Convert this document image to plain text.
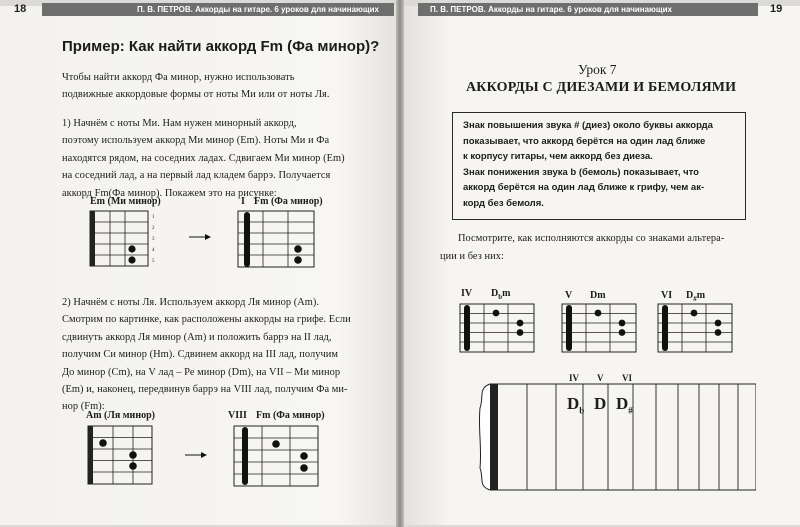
18	П. В. ПЕТРОВ. Аккорды на гитаре. 6 уроков для начинающих
Пример: Как найти аккорд Fm (Фа минор)?
Чтобы найти аккорд Фа минор, нужно использовать
подвижные аккордовые формы от ноты Ми или от ноты Ля.
1) Начнём с ноты Ми. Нам нужен минорный аккорд,
поэтому используем аккорд Ми минор (Em). Ноты Ми и Фа
находятся рядом, на соседних ладах. Сдвигаем Ми минор (Em)
на соседний лад, а на первый лад кладем баррэ. Получается
аккорд Fm(Фа минор). Покажем это на рисунке:
Em (Ми минор)	I Fm (Фа минор)
1
2
3
4
5
2) Начнём с ноты Ля. Используем аккорд Ля минор (Am).
Смотрим по картинке, как расположены аккорды на грифе. Если
сдвинуть аккорд Ля минор (Am) и положить баррэ на II лад,
получим Си минор (Hm). Сдвинем аккорд на III лад, получим
До минор (Cm), на V лад – Ре минор (Dm), на VII – Ми минор
(Em) и, наконец, передвинув баррэ на VIII лад, получим Фа ми-
нор (Fm):
Am (Ля минор)	VIII Fm (Фа минор)
П. В. ПЕТРОВ. Аккорды на гитаре. 6 уроков для начинающих	19
Урок 7
АККОРДЫ С ДИЕЗАМИ И БЕМОЛЯМИ
Знак повышения звука # (диез) около буквы аккорда
показывает, что аккорд берётся на один лад ближе
к корпусу гитары, чем аккорд без диеза.
Знак понижения звука b (бемоль) показывает, что
аккорд берётся на один лад ближе к грифу, чем ак-
корд без бемоля.
Посмотрите, как исполняются аккорды со знаками альтера-
ции и без них:
IV $D_bm$	V Dm	VI $D_{\#}m$
IV V VI
$D_b$ D $D_{\#}$
